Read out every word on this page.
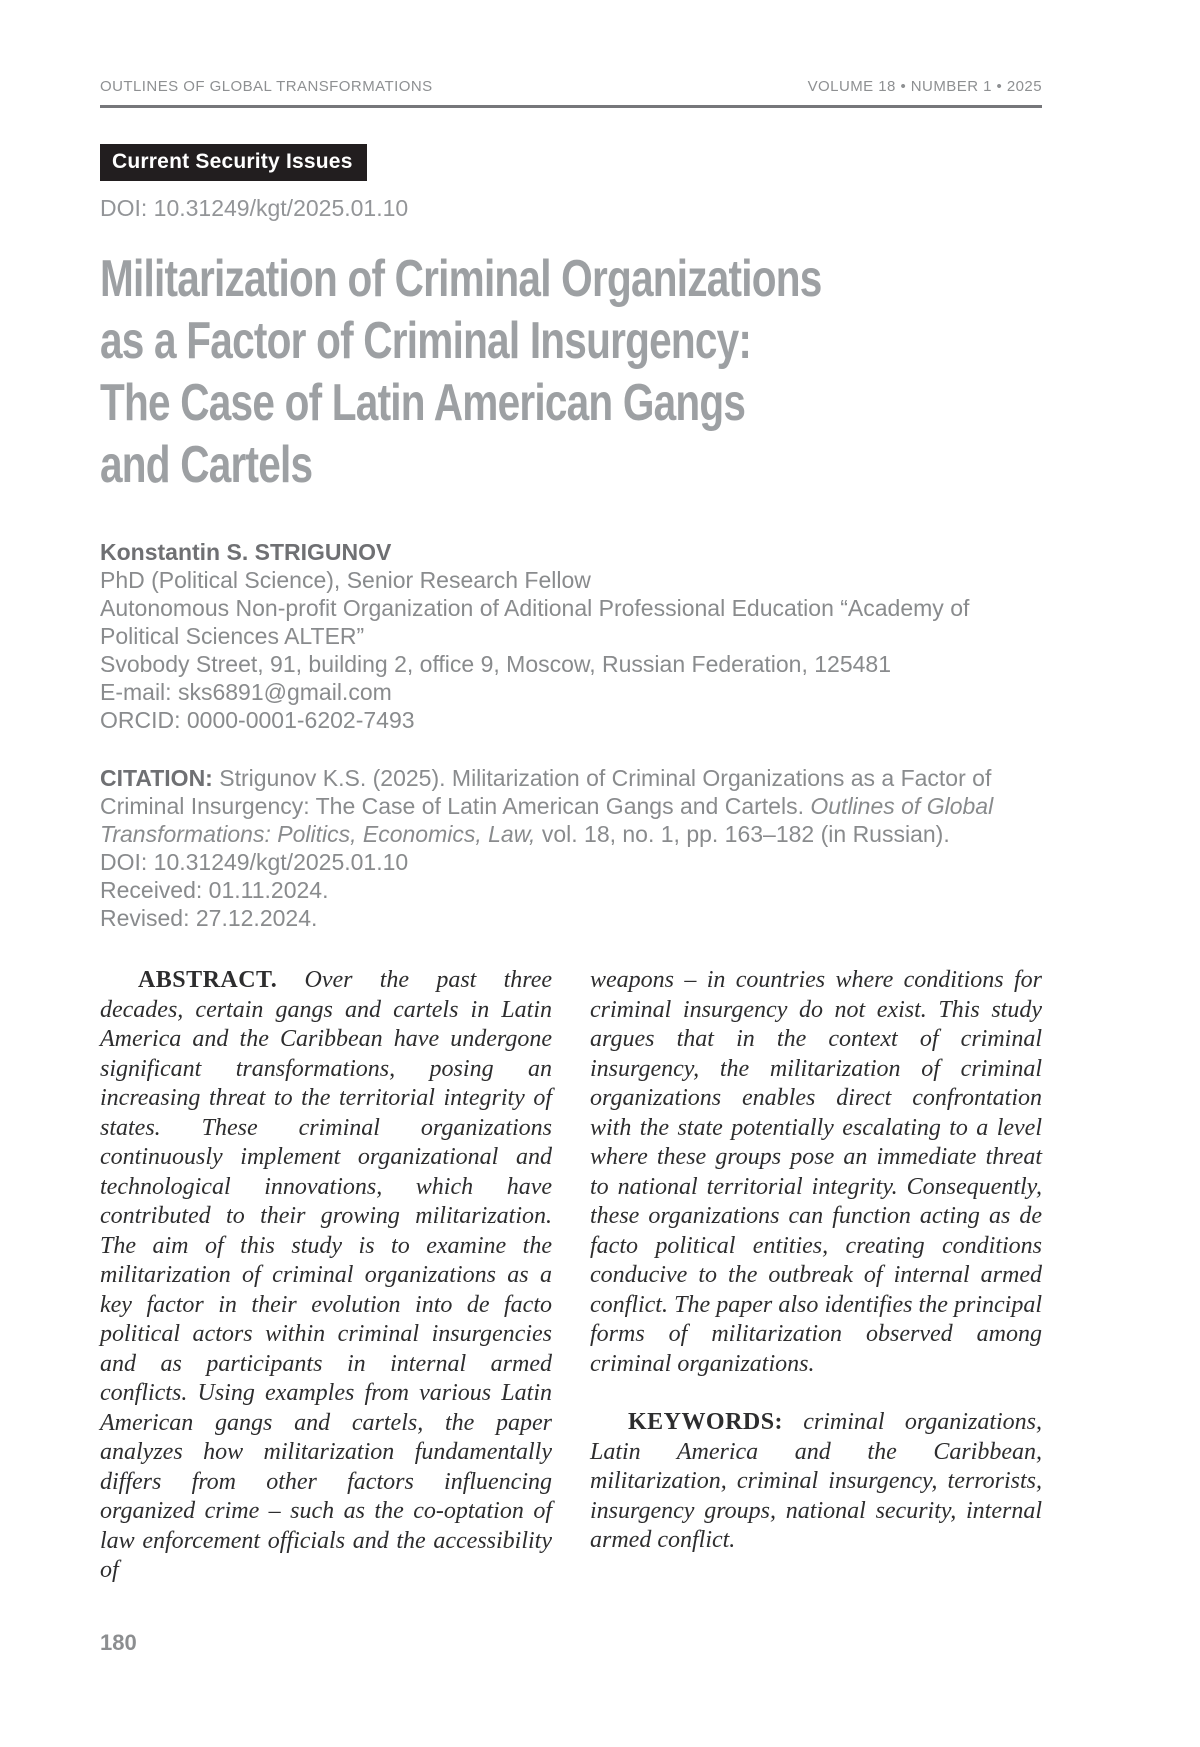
OUTLINES OF GLOBAL TRANSFORMATIONS	VOLUME 18 • NUMBER 1 • 2025
Current Security Issues
DOI: 10.31249/kgt/2025.01.10
Militarization of Criminal Organizations
as a Factor of Criminal Insurgency:
The Case of Latin American Gangs
and Cartels
Konstantin S. STRIGUNOV
PhD (Political Science), Senior Research Fellow
Autonomous Non-profit Organization of Aditional Professional Education “Academy of Political Sciences ALTER”
Svobody Street, 91, building 2, office 9, Moscow, Russian Federation, 125481
E-mail: sks6891@gmail.com
ORCID: 0000-0001-6202-7493

CITATION: Strigunov K.S. (2025). Militarization of Criminal Organizations as a Factor of Criminal Insurgency: The Case of Latin American Gangs and Cartels. Outlines of Global Transformations: Politics, Economics, Law, vol. 18, no. 1, pp. 163–182 (in Russian).

DOI: 10.31249/kgt/2025.01.10
Received: 01.11.2024.
Revised: 27.12.2024.

ABSTRACT. Over the past three decades, certain gangs and cartels in Latin America and the Caribbean have undergone significant transformations, posing an increasing threat to the territorial integrity of states. These criminal organizations continuously implement organizational and technological innovations, which have contributed to their growing militarization. The aim of this study is to examine the militarization of criminal organizations as a key factor in their evolution into de facto political actors within criminal insurgencies and as participants in internal armed conflicts. Using examples from various Latin American gangs and cartels, the paper analyzes how militarization fundamentally differs from other factors influencing organized crime – such as the co-optation of law enforcement officials and the accessibility of

weapons – in countries where conditions for criminal insurgency do not exist. This study argues that in the context of criminal insurgency, the militarization of criminal organizations enables direct confrontation with the state potentially escalating to a level where these groups pose an immediate threat to national territorial integrity. Consequently, these organizations can function acting as de facto political entities, creating conditions conducive to the outbreak of internal armed conflict. The paper also identifies the principal forms of militarization observed among criminal organizations.

KEYWORDS: criminal organizations, Latin America and the Caribbean, militarization, criminal insurgency, terrorists, insurgency groups, national security, internal armed conflict.

180
